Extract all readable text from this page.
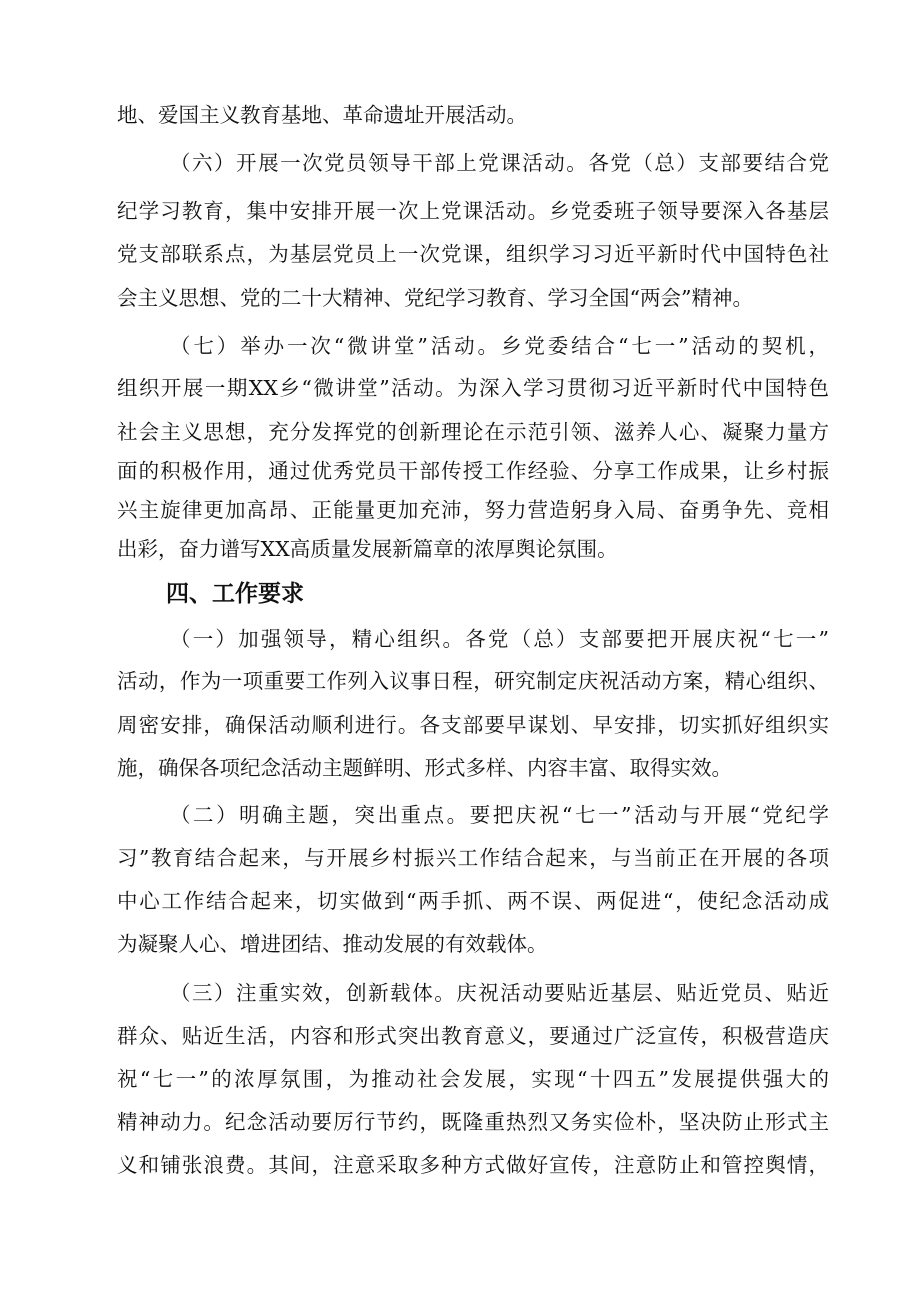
地、爱国主义教育基地、革命遗址开展活动。
（六）开展一次党员领导干部上党课活动。各党（总）支部要结合党
纪学习教育，集中安排开展一次上党课活动。乡党委班子领导要深入各基层
党支部联系点，为基层党员上一次党课，组织学习习近平新时代中国特色社
会主义思想、党的二十大精神、党纪学习教育、学习全国“两会”精神。
（七）举办一次“微讲堂”活动。乡党委结合“七一”活动的契机，
组织开展一期XX乡“微讲堂”活动。为深入学习贯彻习近平新时代中国特色
社会主义思想，充分发挥党的创新理论在示范引领、滋养人心、凝聚力量方
面的积极作用，通过优秀党员干部传授工作经验、分享工作成果，让乡村振
兴主旋律更加高昂、正能量更加充沛，努力营造躬身入局、奋勇争先、竞相
出彩，奋力谱写XX高质量发展新篇章的浓厚舆论氛围。
四、工作要求
（一）加强领导，精心组织。各党（总）支部要把开展庆祝“七一”
活动，作为一项重要工作列入议事日程，研究制定庆祝活动方案，精心组织、
周密安排，确保活动顺利进行。各支部要早谋划、早安排，切实抓好组织实
施，确保各项纪念活动主题鲜明、形式多样、内容丰富、取得实效。
（二）明确主题，突出重点。要把庆祝“七一”活动与开展“党纪学
习”教育结合起来，与开展乡村振兴工作结合起来，与当前正在开展的各项
中心工作结合起来，切实做到“两手抓、两不误、两促进“，使纪念活动成
为凝聚人心、增进团结、推动发展的有效载体。
（三）注重实效，创新载体。庆祝活动要贴近基层、贴近党员、贴近
群众、贴近生活，内容和形式突出教育意义，要通过广泛宣传，积极营造庆
祝“七一”的浓厚氛围，为推动社会发展，实现“十四五”发展提供强大的
精神动力。纪念活动要厉行节约，既隆重热烈又务实俭朴，坚决防止形式主
义和铺张浪费。其间，注意采取多种方式做好宣传，注意防止和管控舆情，
